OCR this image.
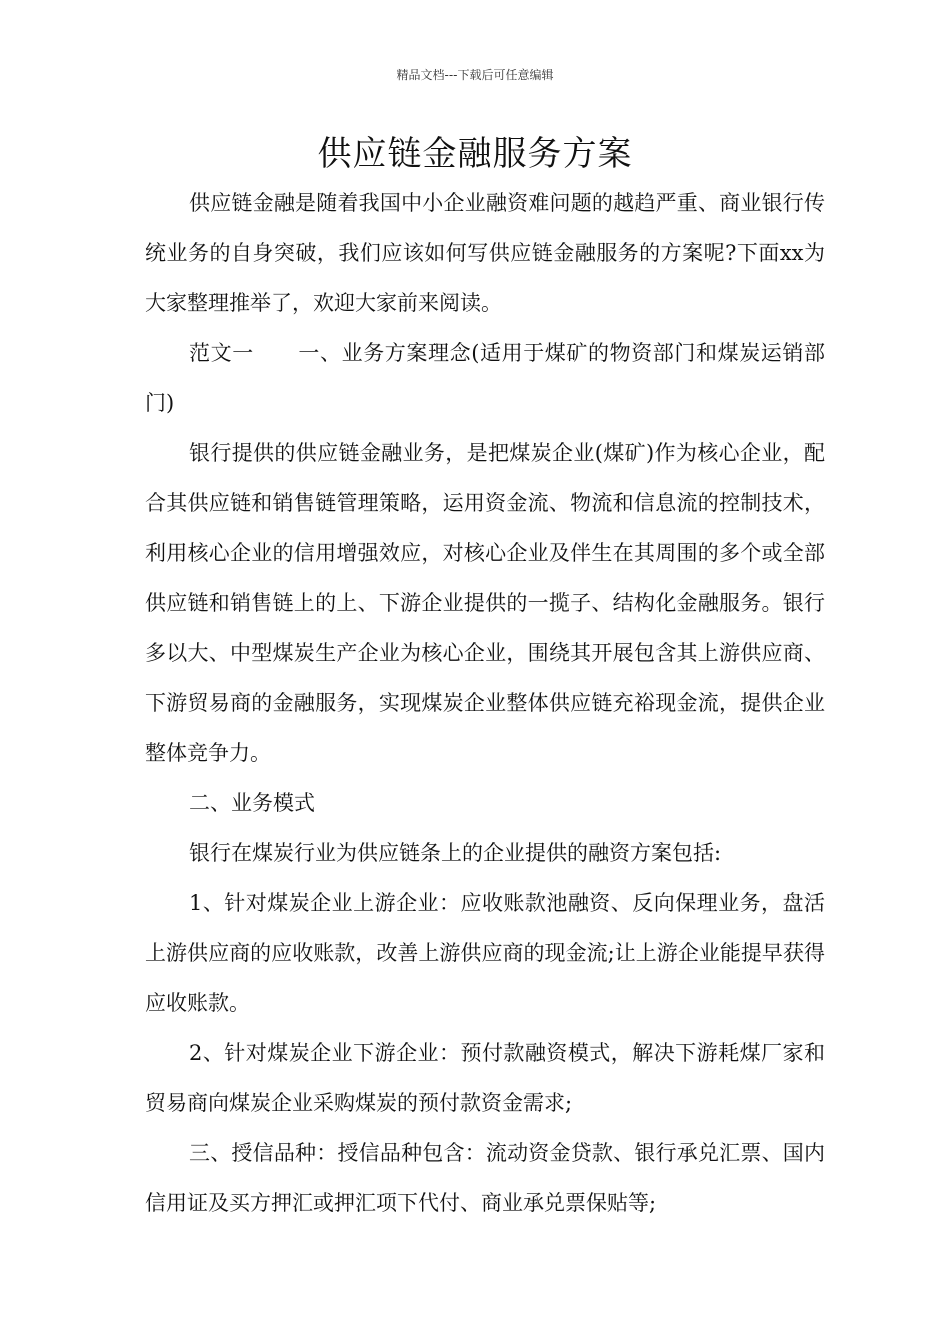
精品文档---下载后可任意编辑
供应链金融服务方案

供应链金融是随着我国中小企业融资难问题的越趋严重、商业银行传统业务的自身突破，我们应该如何写供应链金融服务的方案呢?下面xx为大家整理推举了，欢迎大家前来阅读。

范文一 一、业务方案理念(适用于煤矿的物资部门和煤炭运销部门)

银行提供的供应链金融业务，是把煤炭企业(煤矿)作为核心企业，配合其供应链和销售链管理策略，运用资金流、物流和信息流的控制技术，利用核心企业的信用增强效应，对核心企业及伴生在其周围的多个或全部供应链和销售链上的上、下游企业提供的一揽子、结构化金融服务。银行多以大、中型煤炭生产企业为核心企业，围绕其开展包含其上游供应商、下游贸易商的金融服务，实现煤炭企业整体供应链充裕现金流，提供企业整体竞争力。

二、业务模式

银行在煤炭行业为供应链条上的企业提供的融资方案包括:

1、针对煤炭企业上游企业：应收账款池融资、反向保理业务，盘活上游供应商的应收账款，改善上游供应商的现金流;让上游企业能提早获得应收账款。

2、针对煤炭企业下游企业：预付款融资模式，解决下游耗煤厂家和贸易商向煤炭企业采购煤炭的预付款资金需求;

三、授信品种：授信品种包含：流动资金贷款、银行承兑汇票、国内信用证及买方押汇或押汇项下代付、商业承兑票保贴等;
